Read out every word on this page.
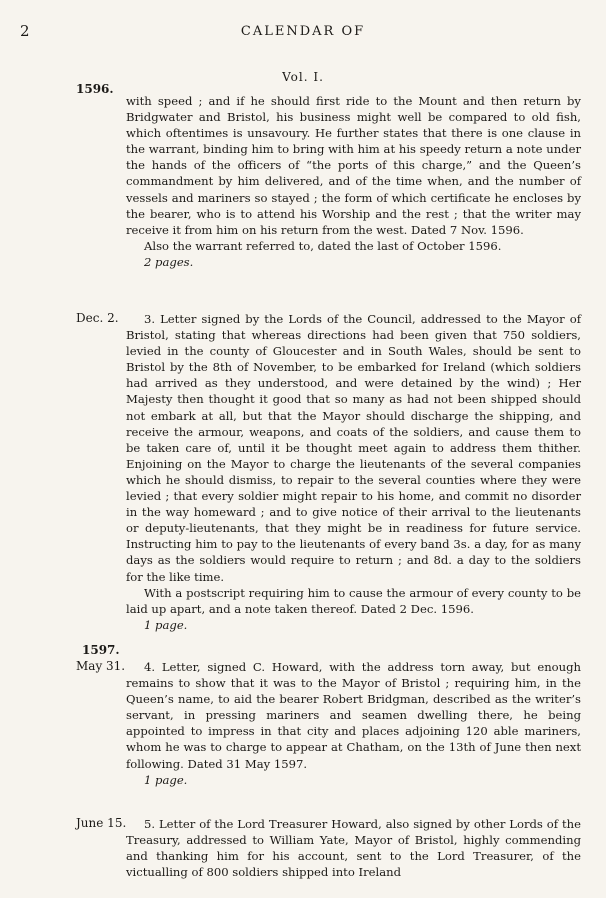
2	CALENDAR OF
Vol. I.
1596.
with speed ; and if he should first ride to the Mount and then return by Bridgwater and Bristol, his business might well be compared to old fish, which oftentimes is unsavoury. He further states that there is one clause in the warrant, binding him to bring with him at his speedy return a note under the hands of the officers of “the ports of this charge,” and the Queen’s commandment by him delivered, and of the time when, and the number of vessels and mariners so stayed ; the form of which certificate he encloses by the bearer, who is to attend his Worship and the rest ; that the writer may receive it from him on his return from the west. Dated 7 Nov. 1596.
Also the warrant referred to, dated the last of October 1596.
2 pages.
Dec. 2.	3. Letter signed by the Lords of the Council, addressed to the Mayor of Bristol, stating that whereas directions had been given that 750 soldiers, levied in the county of Gloucester and in South Wales, should be sent to Bristol by the 8th of November, to be embarked for Ireland (which soldiers had arrived as they understood, and were detained by the wind) ; Her Majesty then thought it good that so many as had not been shipped should not embark at all, but that the Mayor should discharge the shipping, and receive the armour, weapons, and coats of the soldiers, and cause them to be taken care of, until it be thought meet again to address them thither. Enjoining on the Mayor to charge the lieutenants of the several companies which he should dismiss, to repair to the several counties where they were levied ; that every soldier might repair to his home, and commit no disorder in the way homeward ; and to give notice of their arrival to the lieutenants or deputy-lieutenants, that they might be in readiness for future service. Instructing him to pay to the lieutenants of every band 3s. a day, for as many days as the soldiers would require to return ; and 8d. a day to the soldiers for the like time.
With a postscript requiring him to cause the armour of every county to be laid up apart, and a note taken thereof. Dated 2 Dec. 1596.
1 page.
1597.
May 31.	4. Letter, signed C. Howard, with the address torn away, but enough remains to show that it was to the Mayor of Bristol ; requiring him, in the Queen’s name, to aid the bearer Robert Bridgman, described as the writer’s servant, in pressing mariners and seamen dwelling there, he being appointed to impress in that city and places adjoining 120 able mariners, whom he was to charge to appear at Chatham, on the 13th of June then next following. Dated 31 May 1597.
1 page.
June 15.	5. Letter of the Lord Treasurer Howard, also signed by other Lords of the Treasury, addressed to William Yate, Mayor of Bristol, highly commending and thanking him for his account, sent to the Lord Treasurer, of the victualling of 800 soldiers shipped into Ireland
